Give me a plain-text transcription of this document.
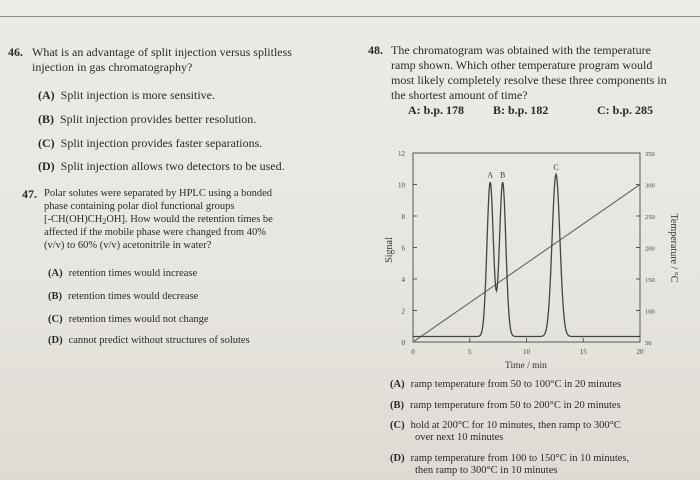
46. What is an advantage of split injection versus splitless
injection in gas chromatography?
(A) Split injection is more sensitive.
(B) Split injection provides better resolution.
(C) Split injection provides faster separations.
(D) Split injection allows two detectors to be used.
47. Polar solutes were separated by HPLC using a bonded
phase containing polar diol functional groups
$[-CH(OH)CH_2OH]$. How would the retention times be
affected if the mobile phase were changed from 40%
(v/v) to 60% (v/v) acetonitrile in water?
(A) retention times would increase
(B) retention times would decrease
(C) retention times would not change
(D) cannot predict without structures of solutes
48. The chromatogram was obtained with the temperature
ramp shown. Which other temperature program would
most likely completely resolve these three components in
the shortest amount of time?
A: b.p. 178 B: b.p. 182	C: b.p. 285
(A) ramp temperature from 50 to 100°C in 20 minutes
(B) ramp temperature from 50 to 200°C in 20 minutes
(C) hold at 200°C for 10 minutes, then ramp to 300°C
over next 10 minutes
(D) ramp temperature from 100 to 150°C in 10 minutes,
then ramp to 300°C in 10 minutes
0
2
4
6
8
10
12
50
100
150
200
250
300
350
0	5	10	15	20
A B
C
Time / min
Signal	Temperature / °C
